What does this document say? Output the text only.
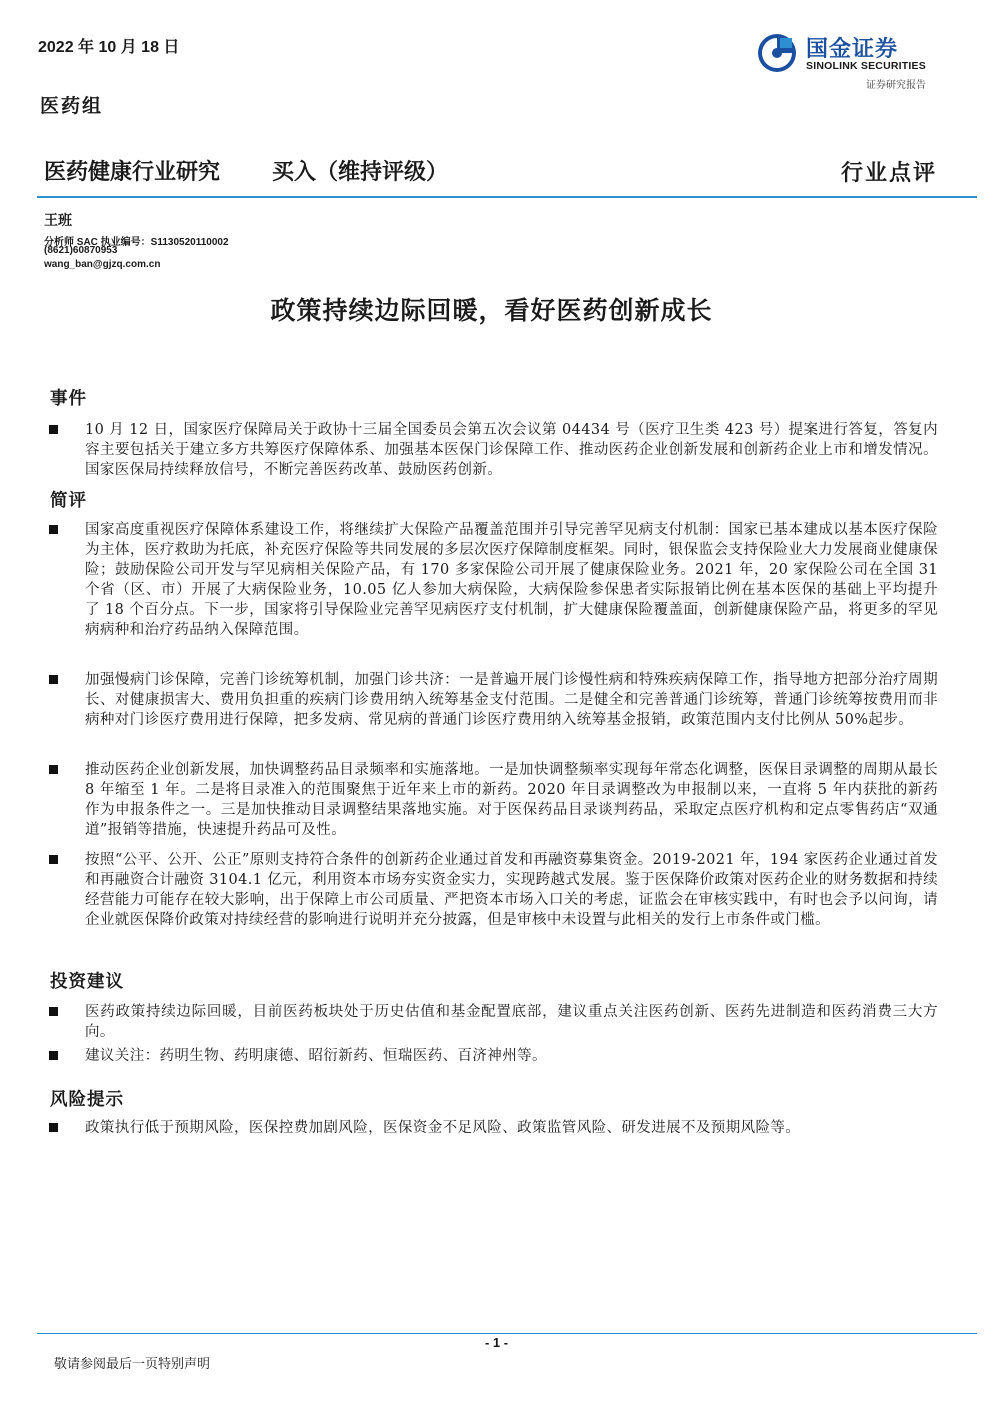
2022 年 10 月 18 日
医药组
国金证券
SINOLINK SECURITIES
证券研究报告
医药健康行业研究 买入（维持评级）	行业点评
王班
分析师 SAC 执业编号：S1130520110002
(8621)60870953
wang_ban@gjzq.com.cn
政策持续边际回暖，看好医药创新成长
事件
10 月 12 日，国家医疗保障局关于政协十三届全国委员会第五次会议第 04434 号（医疗卫生类 423 号）提案进行答复，答复内容主要包括关于建立多方共筹医疗保障体系、加强基本医保门诊保障工作、推动医药企业创新发展和创新药企业上市和增发情况。国家医保局持续释放信号，不断完善医药改革、鼓励医药创新。
简评
国家高度重视医疗保障体系建设工作，将继续扩大保险产品覆盖范围并引导完善罕见病支付机制：国家已基本建成以基本医疗保险为主体，医疗救助为托底，补充医疗保险等共同发展的多层次医疗保障制度框架。同时，银保监会支持保险业大力发展商业健康保险；鼓励保险公司开发与罕见病相关保险产品，有 170 多家保险公司开展了健康保险业务。2021 年，20 家保险公司在全国 31 个省（区、市）开展了大病保险业务，10.05 亿人参加大病保险，大病保险参保患者实际报销比例在基本医保的基础上平均提升了 18 个百分点。下一步，国家将引导保险业完善罕见病医疗支付机制，扩大健康保险覆盖面，创新健康保险产品，将更多的罕见病病种和治疗药品纳入保障范围。
加强慢病门诊保障，完善门诊统筹机制，加强门诊共济：一是普遍开展门诊慢性病和特殊疾病保障工作，指导地方把部分治疗周期长、对健康损害大、费用负担重的疾病门诊费用纳入统筹基金支付范围。二是健全和完善普通门诊统筹，普通门诊统筹按费用而非病种对门诊医疗费用进行保障，把多发病、常见病的普通门诊医疗费用纳入统筹基金报销，政策范围内支付比例从 50%起步。
推动医药企业创新发展，加快调整药品目录频率和实施落地。一是加快调整频率实现每年常态化调整，医保目录调整的周期从最长 8 年缩至 1 年。二是将目录准入的范围聚焦于近年来上市的新药。2020 年目录调整改为申报制以来，一直将 5 年内获批的新药作为申报条件之一。三是加快推动目录调整结果落地实施。对于医保药品目录谈判药品，采取定点医疗机构和定点零售药店“双通道”报销等措施，快速提升药品可及性。
按照“公平、公开、公正”原则支持符合条件的创新药企业通过首发和再融资募集资金。2019-2021 年，194 家医药企业通过首发和再融资合计融资 3104.1 亿元，利用资本市场夯实资金实力，实现跨越式发展。鉴于医保降价政策对医药企业的财务数据和持续经营能力可能存在较大影响，出于保障上市公司质量、严把资本市场入口关的考虑，证监会在审核实践中，有时也会予以问询，请企业就医保降价政策对持续经营的影响进行说明并充分披露，但是审核中未设置与此相关的发行上市条件或门槛。
投资建议
医药政策持续边际回暖，目前医药板块处于历史估值和基金配置底部，建议重点关注医药创新、医药先进制造和医药消费三大方向。
建议关注：药明生物、药明康德、昭衍新药、恒瑞医药、百济神州等。
风险提示
政策执行低于预期风险，医保控费加剧风险，医保资金不足风险、政策监管风险、研发进展不及预期风险等。
- 1 -
敬请参阅最后一页特别声明
